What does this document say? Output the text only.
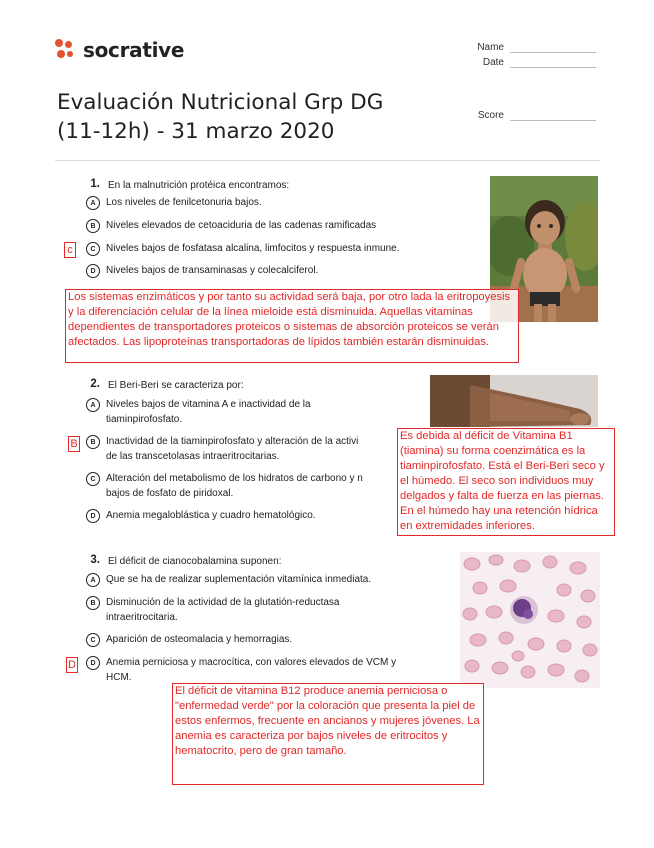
socrative	Name
Date
Score
Evaluación Nutricional Grp DG
(11-12h) - 31 marzo 2020
1. En la malnutrición protéica encontramos:
A	Los niveles de fenilcetonuria bajos.
B	Niveles elevados de cetoaciduria de las cadenas ramificadas
c	C	Niveles bajos de fosfatasa alcalina, limfocitos y respuesta inmune.
D	Niveles bajos de transaminasas y colecalciferol.
Los sistemas enzimáticos y por tanto su actividad será baja, por otro lada la eritropoyesis y la diferenciación celular de la línea mieloide está disminuida. Aquellas vitaminas dependientes de transportadores proteicos o sistemas de absorción proteicos se verán afectados. Las lipoproteínas transportadoras de lípidos también estarán disminuidas.
2. El Beri-Beri se caracteriza por:
A	Niveles bajos de vitamina A e inactividad de la
tiaminpirofosfato.
B	B	Inactividad de la tiaminpirofosfato y alteración de la activi
de las transcetolasas intraeritrocitarias.
C	Alteración del metabolismo de los hidratos de carbono y n
bajos de fosfato de piridoxal.
D	Anemia megaloblástica y cuadro hematológico.
Es debida al déficit de Vitamina B1 (tiamina) su forma coenzimática es la tiaminpirofosfato. Está el Beri-Beri seco y el húmedo. El seco son individuos muy delgados y falta de fuerza en las piernas. En el húmedo hay una retención hídrica en extremidades inferiores.
3. El déficit de cianocobalamina suponen:
A	Que se ha de realizar suplementación vitamínica inmediata.
B	Disminución de la actividad de la glutatión-reductasa
intraeritrocitaria.
C	Aparición de osteomalacia y hemorragias.
D	D	Anemia perniciosa y macrocítica, con valores elevados de VCM y
HCM.
El déficit de vitamina B12 produce anemia perniciosa o "enfermedad verde" por la coloración que presenta la piel de estos enfermos, frecuente en ancianos y mujeres jóvenes. La anemia es caracteriza por bajos niveles de eritrocitos y hematocrito, pero de gran tamaño.
